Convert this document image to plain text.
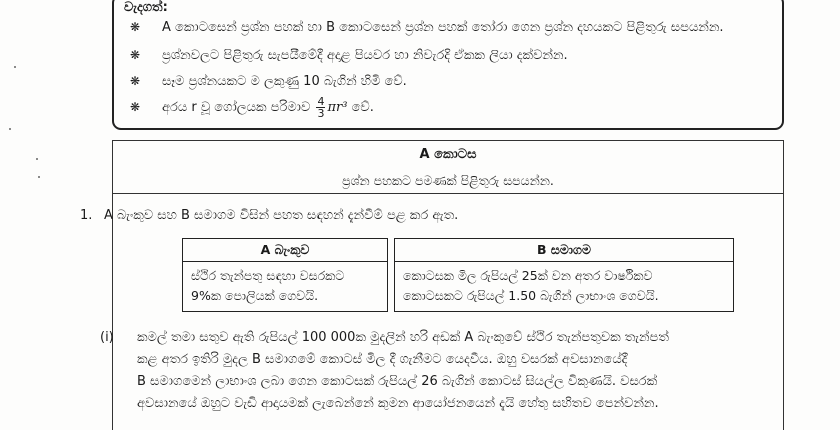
වැදගත්:
❋ A කොටසෙන් ප්‍රශ්න පහක් හා B කොටසෙන් ප්‍රශ්න පහක් තෝරා ගෙන ප්‍රශ්න දහයකට පිළිතුරු සපයන්න.
❋ ප්‍රශ්නවලට පිළිතුරු සැපයීමේදී අදාළ පියවර හා නිවැරදි ඒකක ලියා දක්වන්න.
❋ සෑම ප්‍රශ්නයකට ම ලකුණු 10 බැගින් හිමි වේ.
❋ අරය r වූ ගෝලයක පරිමාව $\frac{4}{3} \pi r^3$ වේ.
A කොටස
ප්‍රශ්න පහකට පමණක් පිළිතුරු සපයන්න.
1. A බැංකුව සහ B සමාගම විසින් පහත සඳහන් දැන්වීම් පළ කර ඇත.
A බැංකුව
ස්ථිර තැන්පතු සඳහා වසරකට
9%ක පොලියක් ගෙවයි.
B සමාගම
කොටසක මිල රුපියල් 25ක් වන අතර වාර්ෂිකව
කොටසකට රුපියල් 1.50 බැගින් ලාභාංශ ගෙවයි.
(i) කමල් තමා සතුව ඇති රුපියල් 100 000ක මුදලින් හරි අඩක් A බැංකුවේ ස්ථිර තැන්පතුවක තැන්පත්
කළ අතර ඉතිරි මුදල B සමාගමේ කොටස් මිල දී ගැනීමට යෙදවීය. ඔහු වසරක් අවසානයේදී
B සමාගමෙන් ලාභාංශ ලබා ගෙන කොටසක් රුපියල් 26 බැගින් කොටස් සියල්ල විකුණයි. වසරක්
අවසානයේ ඔහුට වැඩි ආදායමක් ලැබෙන්නේ කුමන ආයෝජනයෙන් දැයි හේතු සහිතව පෙන්වන්න.
